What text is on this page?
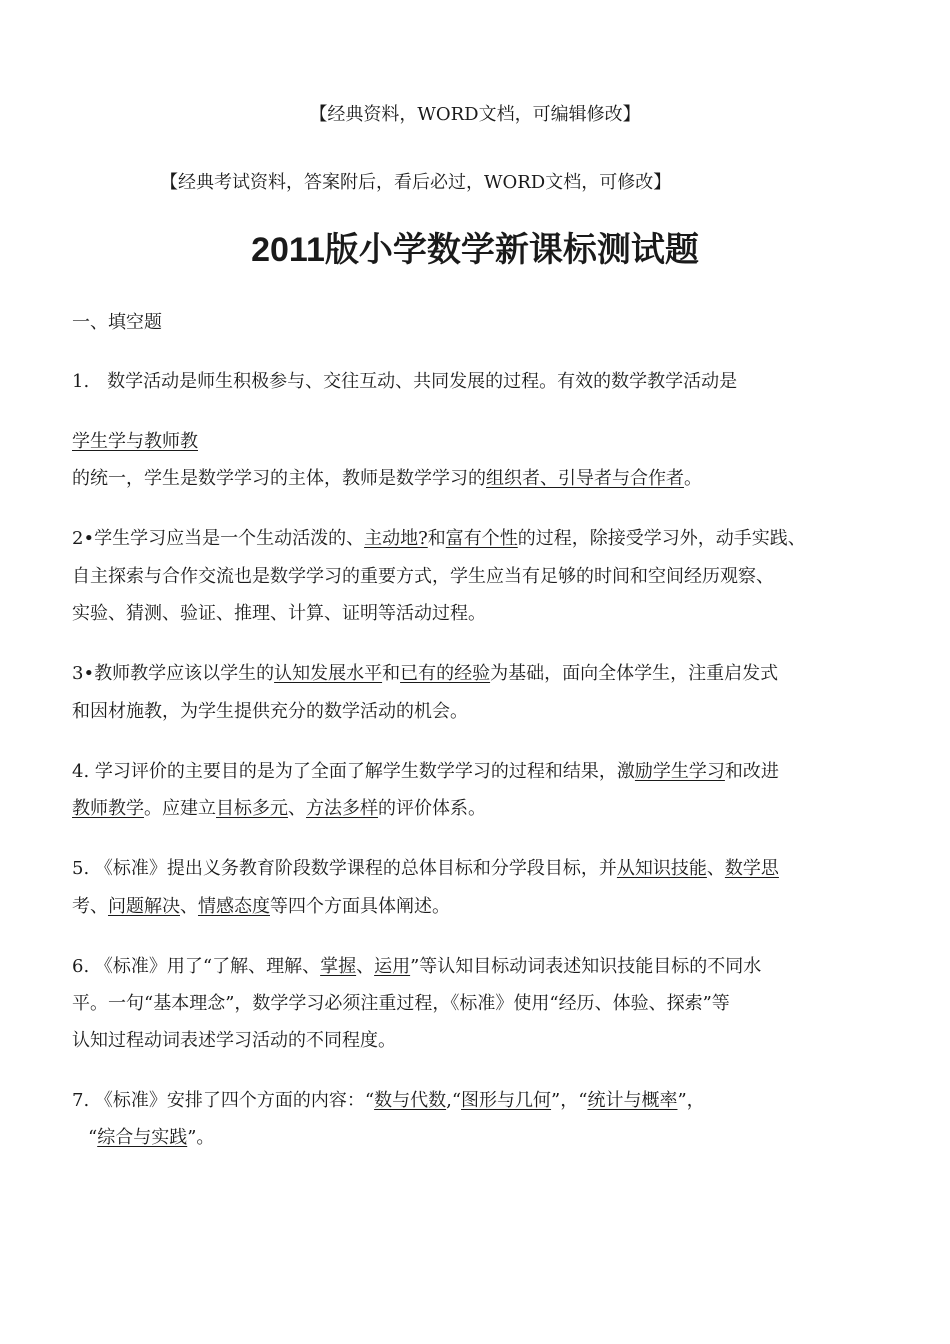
【经典资料，WORD文档，可编辑修改】
【经典考试资料，答案附后，看后必过，WORD文档，可修改】
2011版小学数学新课标测试题
一、填空题
1.　数学活动是师生积极参与、交往互动、共同发展的过程。有效的数学教学活动是
学生学与教师教
的统一，学生是数学学习的主体，教师是数学学习的组织者、引导者与合作者。
2•学生学习应当是一个生动活泼的、主动地?和富有个性的过程，除接受学习外，动手实践、
自主探索与合作交流也是数学学习的重要方式，学生应当有足够的时间和空间经历观察、
实验、猜测、验证、推理、计算、证明等活动过程。
3•教师教学应该以学生的认知发展水平和已有的经验为基础，面向全体学生，注重启发式
和因材施教，为学生提供充分的数学活动的机会。
4. 学习评价的主要目的是为了全面了解学生数学学习的过程和结果，激励学生学习和改进
教师教学。应建立目标多元、方法多样的评价体系。
5. 《标准》提出义务教育阶段数学课程的总体目标和分学段目标，并从知识技能、数学思
考、问题解决、情感态度等四个方面具体阐述。
6. 《标准》用了“了解、理解、掌握、运用”等认知目标动词表述知识技能目标的不同水
平。一句“基本理念”，数学学习必须注重过程，《标准》使用“经历、体验、探索”等
认知过程动词表述学习活动的不同程度。
7. 《标准》安排了四个方面的内容：“数与代数,“图形与几何”，“统计与概率”，
“综合与实践”。
